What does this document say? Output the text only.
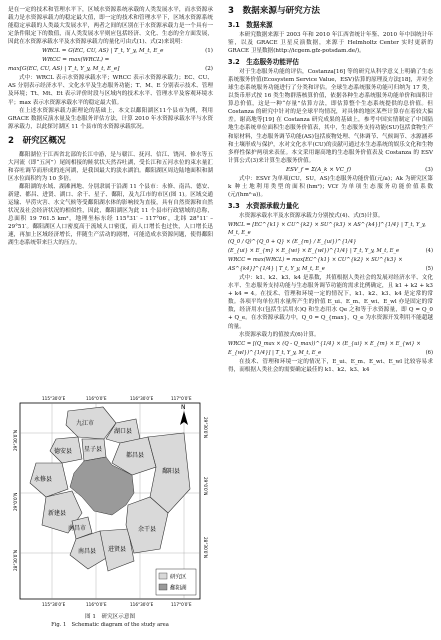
是在一定的技术和管理水平下，区域水资源系统承载的人类发展水平，而水资源承载力是水资源承载力的稳定最大值，即一定的技术和管理水平下，区域水资源系统能稳定承载的人类最大发展水平，两者之间的区别在于水资源承载力是一个具有一定条件限定下的数值，而人类发展水平则应包括经济、文化、生态的全方面发展，因此在水资源承载水平及水资源承载力的量化可由式(1)、式(2)来说明：

WRCL = G(EC, CU, AS) | T_t, Y_y, M_t, E_e	(1)
WRCC = max(WRCL) =
max[G(EC, CU, AS) | T_t, Y_y, M_t, E_e]	(2)

式中：WRCL 表示水资源承载水平；WRCC 表示水资源承载力；EC、CU、AS 分别表示经济水平、文化水平及生态服务功能；T、M、E 分别表示技术、管理及环境；Tt、Mt、Et 表示评价时段与区域内的技术水平、管理水平及客观环境水平；max 表示水资源承载水平的稳定最大值。

在上述水资源承载力新理论的基础上，本文以鄱阳湖区11个县市为例，利用 GRACE 数据反演水量及生态服务评估方法，计算 2010 年水资源承载水平与水资源承载力，以此探讨湖区 11 个县市的水资源承载状况。

2　研究区概况

鄱阳湖位于江西省北部的长江中游，是与赣江、抚河、信江、饶河、修水等五大河流（即“五河”）尾闾相接的鲑状状天然吞吐湖，受长江和五河水位的束水量汇和吞吐调节而形成的连河湖，是我国最大的淡水湖泊。鄱阳湖区周边陆地面积和湖区水位面积约为 10 多倍。

鄱阳湖的水域、湖滩洲地、分别隶属于沿湖 11 个县市：永修、南昌、德安、新建、都昌、进贤、湖口、余干、星子、鄱阳，及九江市的市区(图 1)。区域交通运输、旱涝灾害、水文气候等受鄱阳湖水体的影响较为直接，具有自然资源和自然状况及社会经济状况的相似性，因此，鄱阳湖区为此 11 个县市行政辖域的总称，总面积 19 761.5 km²，地理坐标东经 115°31′ – 117°06′，北纬 28°11′ – 29°51′。鄱阳湖区人口密度高于流域人口密度，而人口增长也过快，人口增长迅速，再加上区域经济增长，伴随生产活动的剧增，可能造成水资源问题，使得鄱阳湖生态系统带来巨大的压力。

九江市
德安县 星子县
湖口县
都昌县
永修县
鄱阳县
新建县
南昌市
南昌县 进贤县
余干县
N
研究区
鄱阳湖
115°30′0″E	116°0′0″E	116°30′0″E	117°0′0″E
115°30′0″E	116°0′0″E	116°30′0″E	117°0′0″E
29°30′0″N
29°0′0″N
28°30′0″N
29°30′0″N
29°0′0″N
28°30′0″N
图 1　研究区示意图
Fig. 1　Schematic diagram of the study area
3　数据来源与研究方法
3.1　数据来源

本研究数据来源于 2003 年和 2010 年江西省统计年鉴、2010 年中国统计年鉴，以及 GRACE 卫星反演数据，来源于 Helmholtz Center 实时更新的 GRACE 卫星数据(http://icgem.gfz-potsdam.de/)。

3.2　生态服务功能评估

对于生态服务功能的评估，Costanza[16] 等的研究从科学意义上明确了生态系统服务价值(Ecosystem Service Value，ESV)估算的原理及方法[18]，并对全球生态系统服务功能进行了分类和评估。全球生态系统服务功能可归纳为 17 类，以货币形式按 16 类生物群落核算价值，依据各种生态系统服务功能单价和面积计算总价值，这是一种“存量”估算方法，即估算整个生态系统提供的总价值。但 Costanza 的研究中针对的是全球平均情况，对具体的地区某些计算存在着较大偏差。谢高地等[19] 在 Costanza 研究成果的基础上，参考中国实情制定了中国陆地生态系统单位面积生态服务价值表，其中，生态服务支持功能(SU)包括食物生产和原材料，生态服务调节功能(AS)包括废物处理、气体调节、气候调节、水源涵养和土壤形成与保护，水对文化水平(CU)的贡献可通过水生态系统的娱乐文化和生物多样性保护两项来表征。本文采用谢高地的生态服务价值表及 Costanza 的 ESV 计算公式(3)来计算生态服务价值。

ESV_f = Σ(A_k × VC_f)	(3)

式中：ESVf 为单项(CU，SU，AS)生态服务功能价值(元/a)；Ak 为研究区第 k 种土地利用类型的面积(hm²)；VCf 为单项生态服务功能价值系数(元/(hm²·a))。

3.3　水资源承载力量化

水资源承载水平及水资源承载力分别按式(4)、式(5)计算。

WRCL = [EC^{k1} × CU^{k2} × SU^{k3} × AS^{k4}]^{1/4} | T_t, Y_y, M_t, E_e
(Q_0 / Q)^{Q_0 + Q} × (E_{m} / E_{ui})^{1/4}
(E_{ui} × E_{m} × E_{wi} × E_{wl})^{1/4} | T_t, Y_y, M_t, E_e	(4)
WRCC = max(WRCL) = max[EC^{k1} × CU^{k2} × SU^{k3} ×
AS^{k4}]^{1/4} | T_t, Y_y, M_t, E_e	(5)

式中：k1、k2、k3、k4 是系数，其值根据人类社会的发展对经济水平、文化水平、生态服务支持功能与生态服务调节功能的需求比例确定，且 k1 + k2 + k3 + k4 = 4。在技术、管理和环境一定的情况下，k1、k2、k3、k4 是定常的常数。各项平均单位用水量所产生的价值 E_ui、E_m、E_wi、E_wl 亦是固定的常数，经济用水(包括生活用水)Q 和生态用水 Qe 之和等于水资源量，即 Q = Q_0 + Q_e。在水资源承载力中，Q_0 = Q_{max}，Q_e 为水资源开发利用不能超越的量。

水资源承载力的值按式(6)计算。

WRCC = [(Q_max × (Q - Q_max))^{1/4} × (E_{ui} × E_{m} × E_{wi} ×
E_{wl})^{1/4}] | T_t, Y_y, M_t, E_e	(6)

在技术、管理和环境一定的情况下，E_ui、E_m、E_wi、E_wl 比较容易求得，而根据人类社会的需要确定最佳的 k1、k2、k3、k4
